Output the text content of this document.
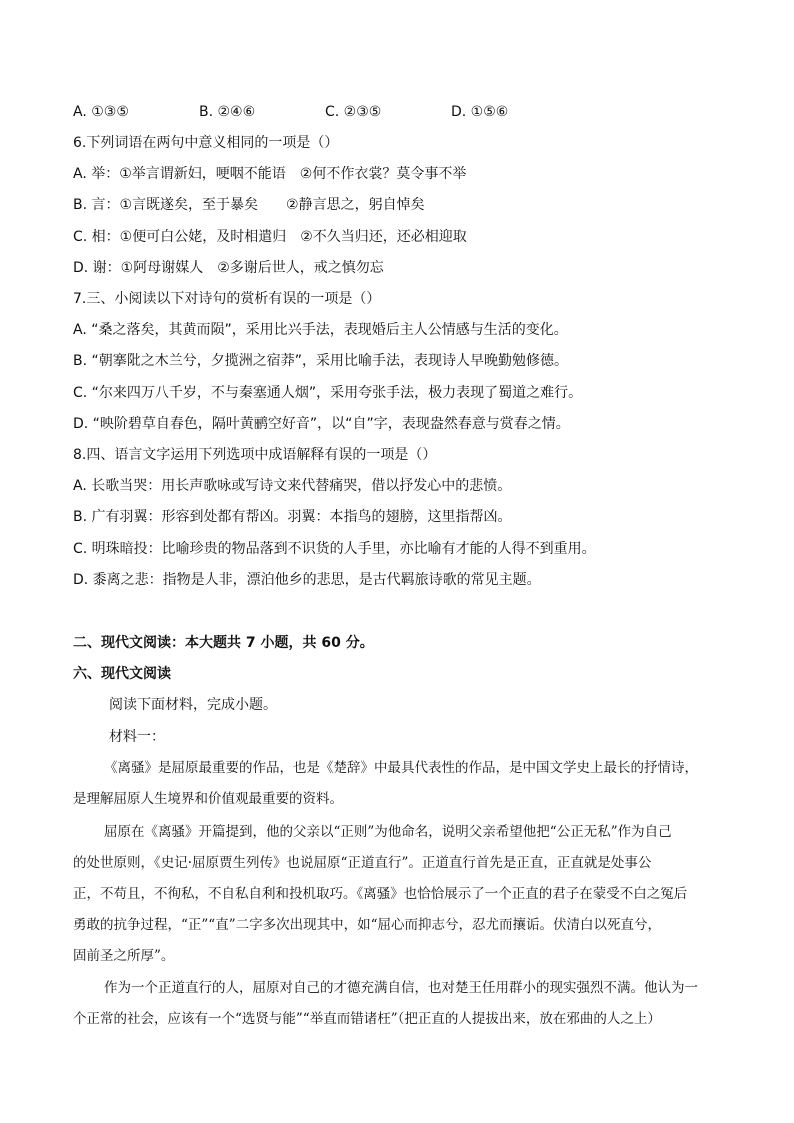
A. ①③⑤	B. ②④⑥	C. ②③⑤	D. ①⑤⑥
6.下列词语在两句中意义相同的一项是（）
A. 举：①举言谓新妇，哽咽不能语　②何不作衣裳？莫令事不举
B. 言：①言既遂矣，至于暴矣　　②静言思之，躬自悼矣
C. 相：①便可白公姥，及时相遣归　②不久当归还，还必相迎取
D. 谢：①阿母谢媒人　②多谢后世人，戒之慎勿忘
7.三、小阅读以下对诗句的赏析有误的一项是（）
A. “桑之落矣，其黄而陨”，采用比兴手法，表现婚后主人公情感与生活的变化。
B. “朝搴阰之木兰兮，夕揽洲之宿莽”，采用比喻手法，表现诗人早晚勤勉修德。
C. “尔来四万八千岁，不与秦塞通人烟”，采用夸张手法，极力表现了蜀道之难行。
D. “映阶碧草自春色，隔叶黄鹂空好音”，以“自”字，表现盎然春意与赏春之情。
8.四、语言文字运用下列选项中成语解释有误的一项是（）
A. 长歌当哭：用长声歌咏或写诗文来代替痛哭，借以抒发心中的悲愤。
B. 广有羽翼：形容到处都有帮凶。羽翼：本指鸟的翅膀，这里指帮凶。
C. 明珠暗投：比喻珍贵的物品落到不识货的人手里，亦比喻有才能的人得不到重用。
D. 黍离之悲：指物是人非，漂泊他乡的悲思，是古代羁旅诗歌的常见主题。
二、现代文阅读：本大题共 7 小题，共 60 分。
六、现代文阅读
阅读下面材料，完成小题。
材料一：
《离骚》是屈原最重要的作品，也是《楚辞》中最具代表性的作品，是中国文学史上最长的抒情诗，
是理解屈原人生境界和价值观最重要的资料。
屈原在《离骚》开篇提到，他的父亲以“正则”为他命名，说明父亲希望他把“公正无私”作为自己
的处世原则，《史记·屈原贾生列传》也说屈原“正道直行”。正道直行首先是正直，正直就是处事公
正，不苟且，不徇私，不自私自利和投机取巧。《离骚》也恰恰展示了一个正直的君子在蒙受不白之冤后
勇敢的抗争过程，“正”“直”二字多次出现其中，如“屈心而抑志兮，忍尤而攘诟。伏清白以死直兮，
固前圣之所厚”。
作为一个正道直行的人，屈原对自己的才德充满自信，也对楚王任用群小的现实强烈不满。他认为一
个正常的社会，应该有一个“选贤与能”“举直而错诸枉”（把正直的人提拔出来，放在邪曲的人之上）
